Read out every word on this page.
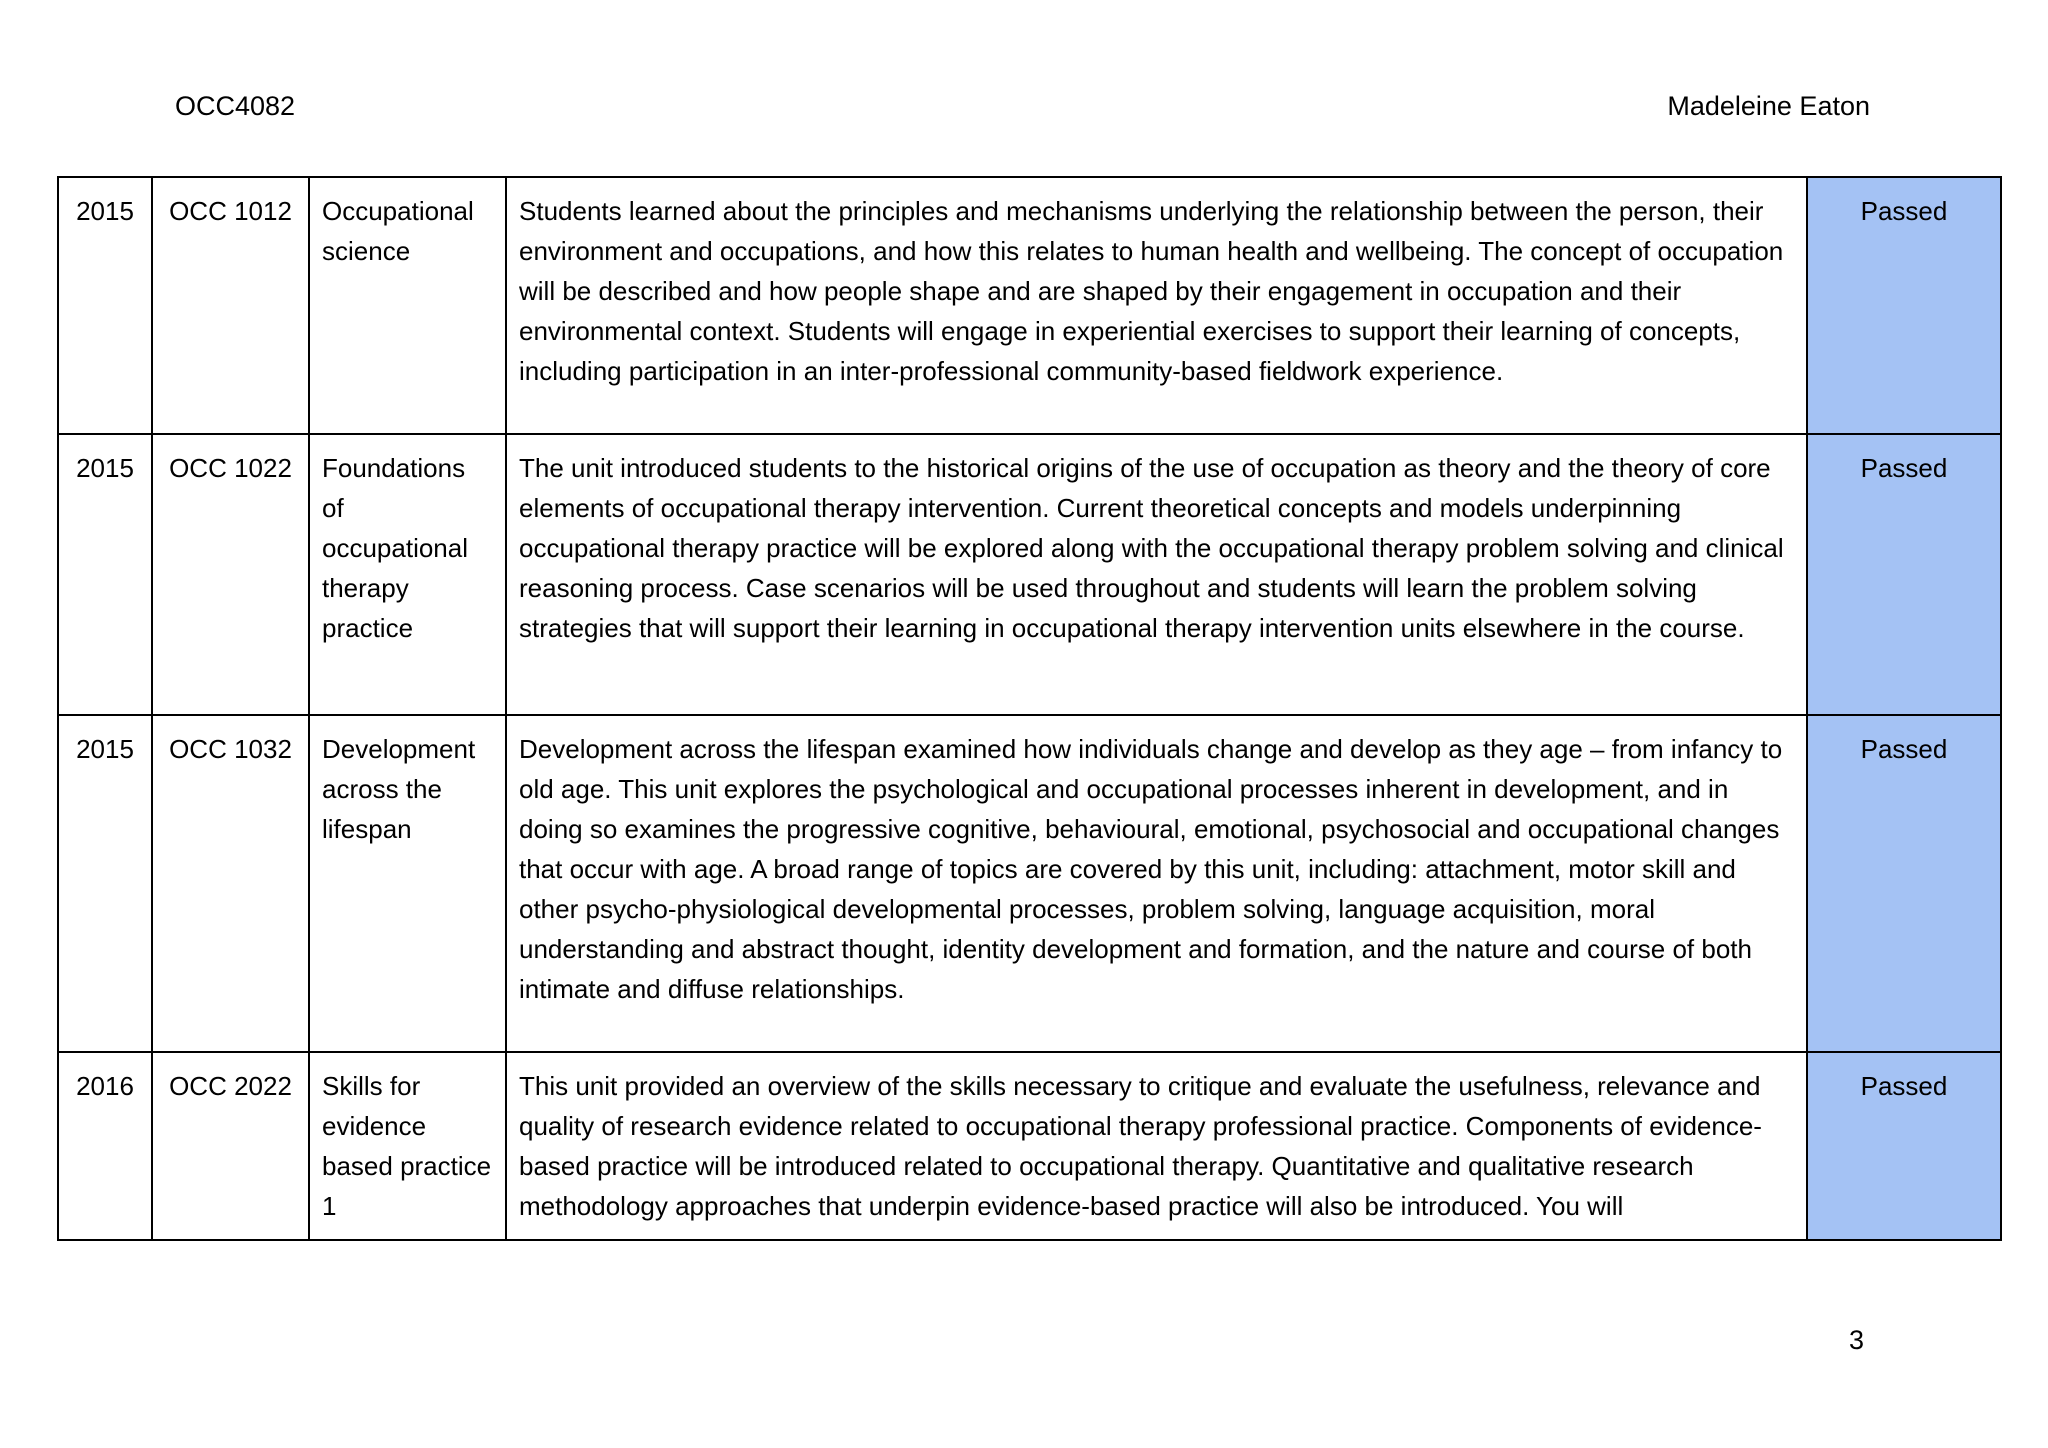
OCC4082	Madeleine Eaton
2015	OCC 1012	Occupational science	Students learned about the principles and mechanisms underlying the relationship between the person, their environment and occupations, and how this relates to human health and wellbeing. The concept of occupation will be described and how people shape and are shaped by their engagement in occupation and their environmental context. Students will engage in experiential exercises to support their learning of concepts, including participation in an inter-professional community-based fieldwork experience.	Passed
2015	OCC 1022	Foundations of occupational therapy practice	The unit introduced students to the historical origins of the use of occupation as theory and the theory of core elements of occupational therapy intervention. Current theoretical concepts and models underpinning occupational therapy practice will be explored along with the occupational therapy problem solving and clinical reasoning process. Case scenarios will be used throughout and students will learn the problem solving strategies that will support their learning in occupational therapy intervention units elsewhere in the course.	Passed
2015	OCC 1032	Development across the lifespan	Development across the lifespan examined how individuals change and develop as they age – from infancy to old age. This unit explores the psychological and occupational processes inherent in development, and in doing so examines the progressive cognitive, behavioural, emotional, psychosocial and occupational changes that occur with age. A broad range of topics are covered by this unit, including: attachment, motor skill and other psycho-physiological developmental processes, problem solving, language acquisition, moral understanding and abstract thought, identity development and formation, and the nature and course of both intimate and diffuse relationships.	Passed
2016	OCC 2022	Skills for evidence based practice 1	This unit provided an overview of the skills necessary to critique and evaluate the usefulness, relevance and quality of research evidence related to occupational therapy professional practice. Components of evidence-based practice will be introduced related to occupational therapy. Quantitative and qualitative research methodology approaches that underpin evidence-based practice will also be introduced. You will	Passed
3
